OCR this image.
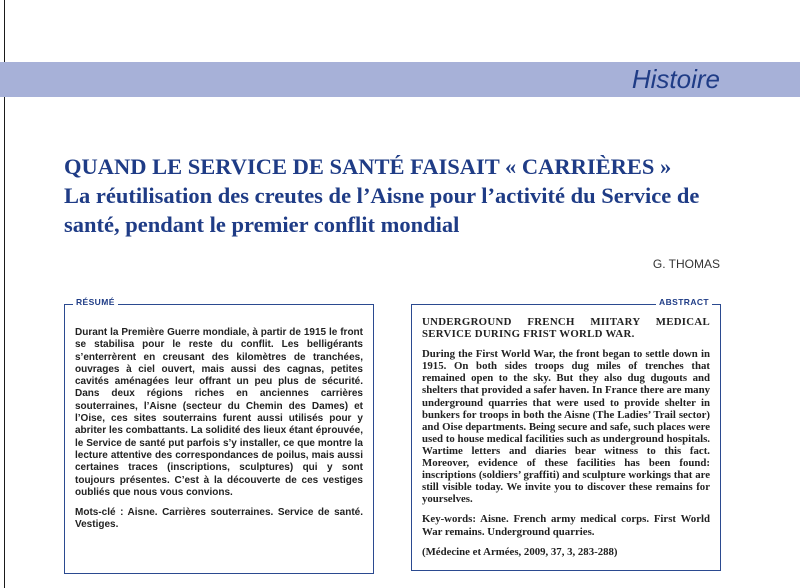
Histoire
QUAND LE SERVICE DE SANTÉ FAISAIT « CARRIÈRES »
La réutilisation des creutes de l’Aisne pour l’activité du Service de santé, pendant le premier conflit mondial
G. THOMAS
RÉSUMÉ

Durant la Première Guerre mondiale, à partir de 1915 le front se stabilisa pour le reste du conflit. Les belligérants s’enterrèrent en creusant des kilomètres de tranchées, ouvrages à ciel ouvert, mais aussi des cagnas, petites cavités aménagées leur offrant un peu plus de sécurité. Dans deux régions riches en anciennes carrières souterraines, l’Aisne (secteur du Chemin des Dames) et l’Oise, ces sites souterrains furent aussi utilisés pour y abriter les combattants. La solidité des lieux étant éprouvée, le Service de santé put parfois s’y installer, ce que montre la lecture attentive des correspondances de poilus, mais aussi certaines traces (inscriptions, sculptures) qui y sont toujours présentes. C’est à la découverte de ces vestiges oubliés que nous vous convions.

Mots-clé : Aisne. Carrières souterraines. Service de santé. Vestiges.

ABSTRACT

UNDERGROUND FRENCH MIITARY MEDICAL SERVICE DURING FRIST WORLD WAR.

During the First World War, the front began to settle down in 1915. On both sides troops dug miles of trenches that remained open to the sky. But they also dug dugouts and shelters that provided a safer haven. In France there are many underground quarries that were used to provide shelter in bunkers for troops in both the Aisne (The Ladies’ Trail sector) and Oise departments. Being secure and safe, such places were used to house medical facilities such as underground hospitals. Wartime letters and diaries bear witness to this fact. Moreover, evidence of these facilities has been found: inscriptions (soldiers’ graffiti) and sculpture workings that are still visible today. We invite you to discover these remains for yourselves.

Key-words: Aisne. French army medical corps. First World War remains. Underground quarries.

(Médecine et Armées, 2009, 37, 3, 283-288)
